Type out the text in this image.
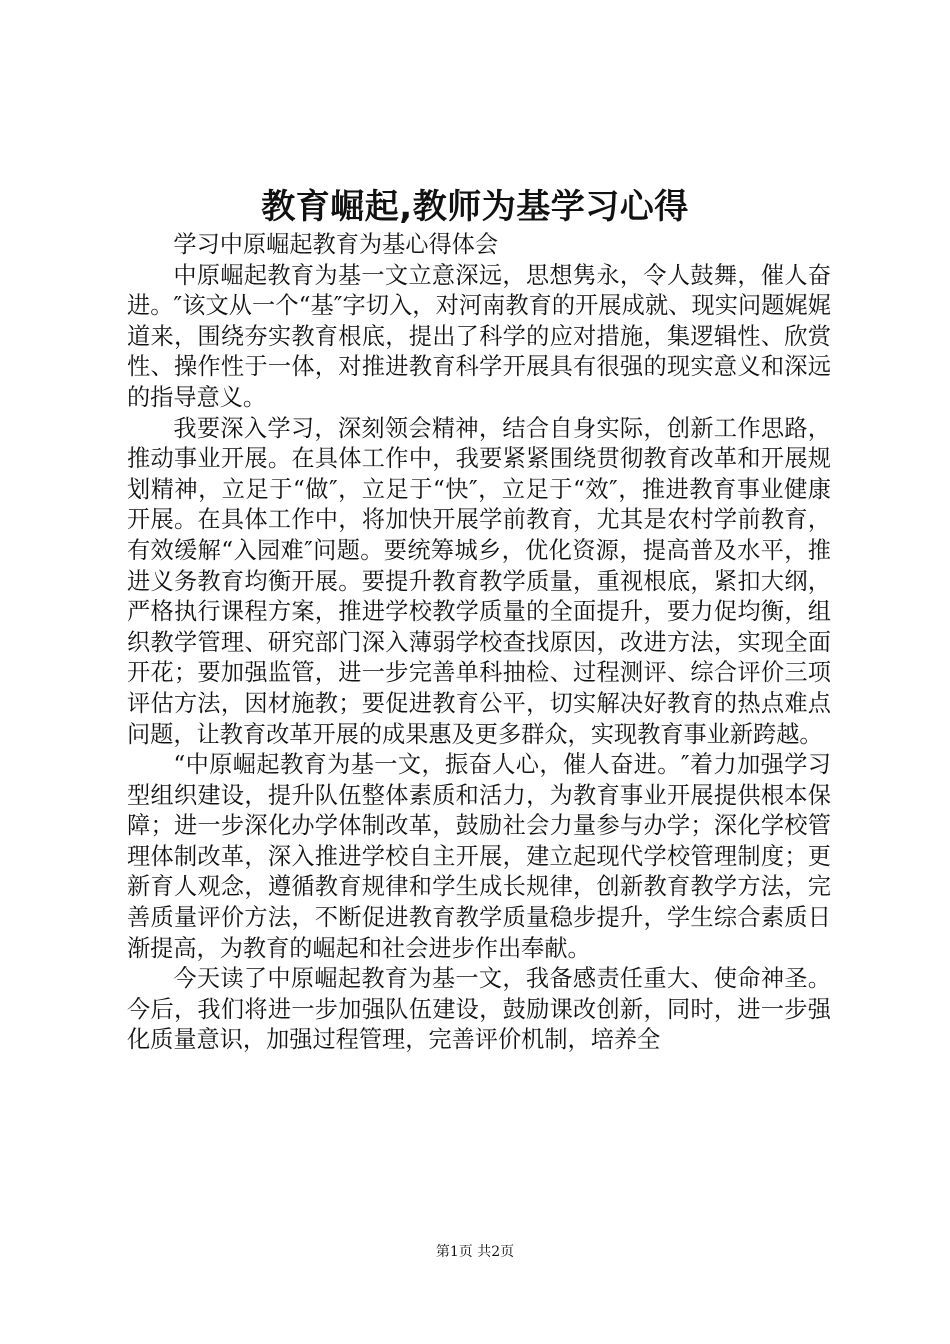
教育崛起,教师为基学习心得

学习中原崛起教育为基心得体会

中原崛起教育为基一文立意深远，思想隽永，令人鼓舞，催人奋进。″该文从一个“基″字切入，对河南教育的开展成就、现实问题娓娓道来，围绕夯实教育根底，提出了科学的应对措施，集逻辑性、欣赏性、操作性于一体，对推进教育科学开展具有很强的现实意义和深远的指导意义。

我要深入学习，深刻领会精神，结合自身实际，创新工作思路，推动事业开展。在具体工作中，我要紧紧围绕贯彻教育改革和开展规划精神，立足于“做″，立足于“快″，立足于“效″，推进教育事业健康开展。在具体工作中，将加快开展学前教育，尤其是农村学前教育，有效缓解“入园难″问题。要统筹城乡，优化资源，提高普及水平，推进义务教育均衡开展。要提升教育教学质量，重视根底，紧扣大纲，严格执行课程方案，推进学校教学质量的全面提升，要力促均衡，组织教学管理、研究部门深入薄弱学校查找原因，改进方法，实现全面开花；要加强监管，进一步完善单科抽检、过程测评、综合评价三项评估方法，因材施教；要促进教育公平，切实解决好教育的热点难点问题，让教育改革开展的成果惠及更多群众，实现教育事业新跨越。

“中原崛起教育为基一文，振奋人心，催人奋进。″着力加强学习型组织建设，提升队伍整体素质和活力，为教育事业开展提供根本保障；进一步深化办学体制改革，鼓励社会力量参与办学；深化学校管理体制改革，深入推进学校自主开展，建立起现代学校管理制度；更新育人观念，遵循教育规律和学生成长规律，创新教育教学方法，完善质量评价方法，不断促进教育教学质量稳步提升，学生综合素质日渐提高，为教育的崛起和社会进步作出奉献。

今天读了中原崛起教育为基一文，我备感责任重大、使命神圣。今后，我们将进一步加强队伍建设，鼓励课改创新，同时，进一步强化质量意识，加强过程管理，完善评价机制，培养全

第1页 共2页
